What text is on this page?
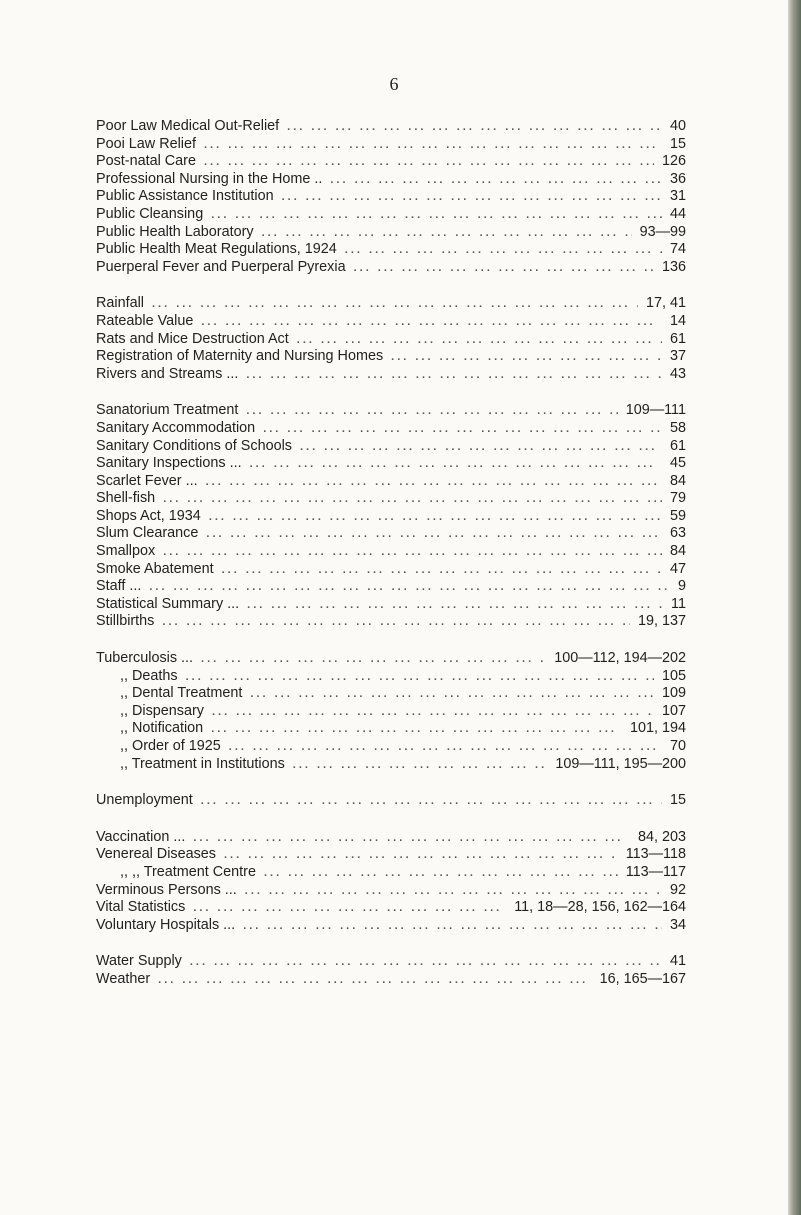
6
Poor Law Medical Out-Relief ... .	40
Pooi Law Relief ... .	15
Post-natal Care ... .	126
Professional Nursing in the Home .. ... .	36
Public Assistance Institution ... .	31
Public Cleansing ... .	44
Public Health Laboratory ... .	93—99
Public Health Meat Regulations, 1924 ... .	74
Puerperal Fever and Puerperal Pyrexia ... .	136
Rainfall ... .	17, 41
Rateable Value ... .	14
Rats and Mice Destruction Act ... .	61
Registration of Maternity and Nursing Homes ... .	37
Rivers and Streams ... ... .	43
Sanatorium Treatment ... .	109—111
Sanitary Accommodation ... .	58
Sanitary Conditions of Schools ... .	61
Sanitary Inspections ... ... .	45
Scarlet Fever ... ... .	84
Shell-fish ... .	79
Shops Act, 1934 ... .	59
Slum Clearance ... .	63
Smallpox ... .	84
Smoke Abatement ... .	47
Staff ... ... .	9
Statistical Summary ... ... .	11
Stillbirths ... .	19, 137
Tuberculosis ... ... .	100—112, 194—202
,, Deaths ... .	105
,, Dental Treatment ... .	109
,, Dispensary ... .	107
,, Notification ... .	101, 194
,, Order of 1925 ... .	70
,, Treatment in Institutions ... .	109—111, 195—200
Unemployment ... .	15
Vaccination ... ... .	84, 203
Venereal Diseases ... .	113—118
,, ,, Treatment Centre ... .	113—117
Verminous Persons ... ... .	92
Vital Statistics ... .	11, 18—28, 156, 162—164
Voluntary Hospitals ... ... .	34
Water Supply ... .	41
Weather ... .	16, 165—167
